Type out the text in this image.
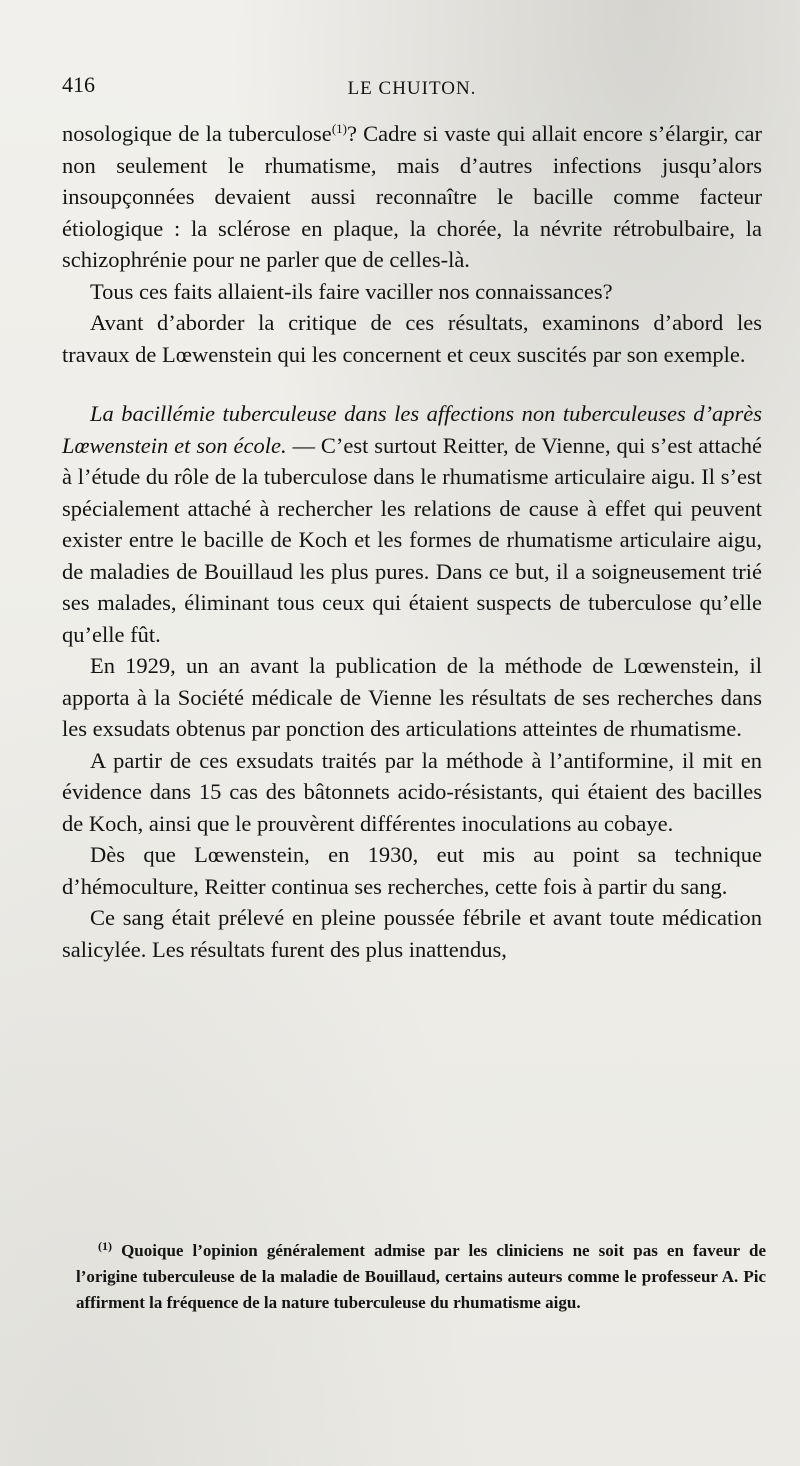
416	LE CHUITON.

nosologique de la tuberculose$^{(1)}$? Cadre si vaste qui allait encore s’élargir, car non seulement le rhumatisme, mais d’autres infections jusqu’alors insoupçonnées devaient aussi reconnaître le bacille comme facteur étiologique : la sclérose en plaque, la chorée, la névrite rétrobulbaire, la schizophrénie pour ne parler que de celles-là.

Tous ces faits allaient-ils faire vaciller nos connaissances?

Avant d’aborder la critique de ces résultats, examinons d’abord les travaux de Lœwenstein qui les concernent et ceux suscités par son exemple.

La bacillémie tuberculeuse dans les affections non tuberculeuses d’après Lœwenstein et son école. — C’est surtout Reitter, de Vienne, qui s’est attaché à l’étude du rôle de la tuberculose dans le rhumatisme articulaire aigu. Il s’est spécialement attaché à rechercher les relations de cause à effet qui peuvent exister entre le bacille de Koch et les formes de rhumatisme articulaire aigu, de maladies de Bouillaud les plus pures. Dans ce but, il a soigneusement trié ses malades, éliminant tous ceux qui étaient suspects de tuberculose qu’elle qu’elle fût.

En 1929, un an avant la publication de la méthode de Lœwenstein, il apporta à la Société médicale de Vienne les résultats de ses recherches dans les exsudats obtenus par ponction des articulations atteintes de rhumatisme.

A partir de ces exsudats traités par la méthode à l’antiformine, il mit en évidence dans 15 cas des bâtonnets acido-résistants, qui étaient des bacilles de Koch, ainsi que le prouvèrent différentes inoculations au cobaye.

Dès que Lœwenstein, en 1930, eut mis au point sa technique d’hémoculture, Reitter continua ses recherches, cette fois à partir du sang.

Ce sang était prélevé en pleine poussée fébrile et avant toute médication salicylée. Les résultats furent des plus inattendus,

$^{(1)}$ Quoique l’opinion généralement admise par les cliniciens ne soit pas en faveur de l’origine tuberculeuse de la maladie de Bouillaud, certains auteurs comme le professeur A. Pic affirment la fréquence de la nature tuberculeuse du rhumatisme aigu.
